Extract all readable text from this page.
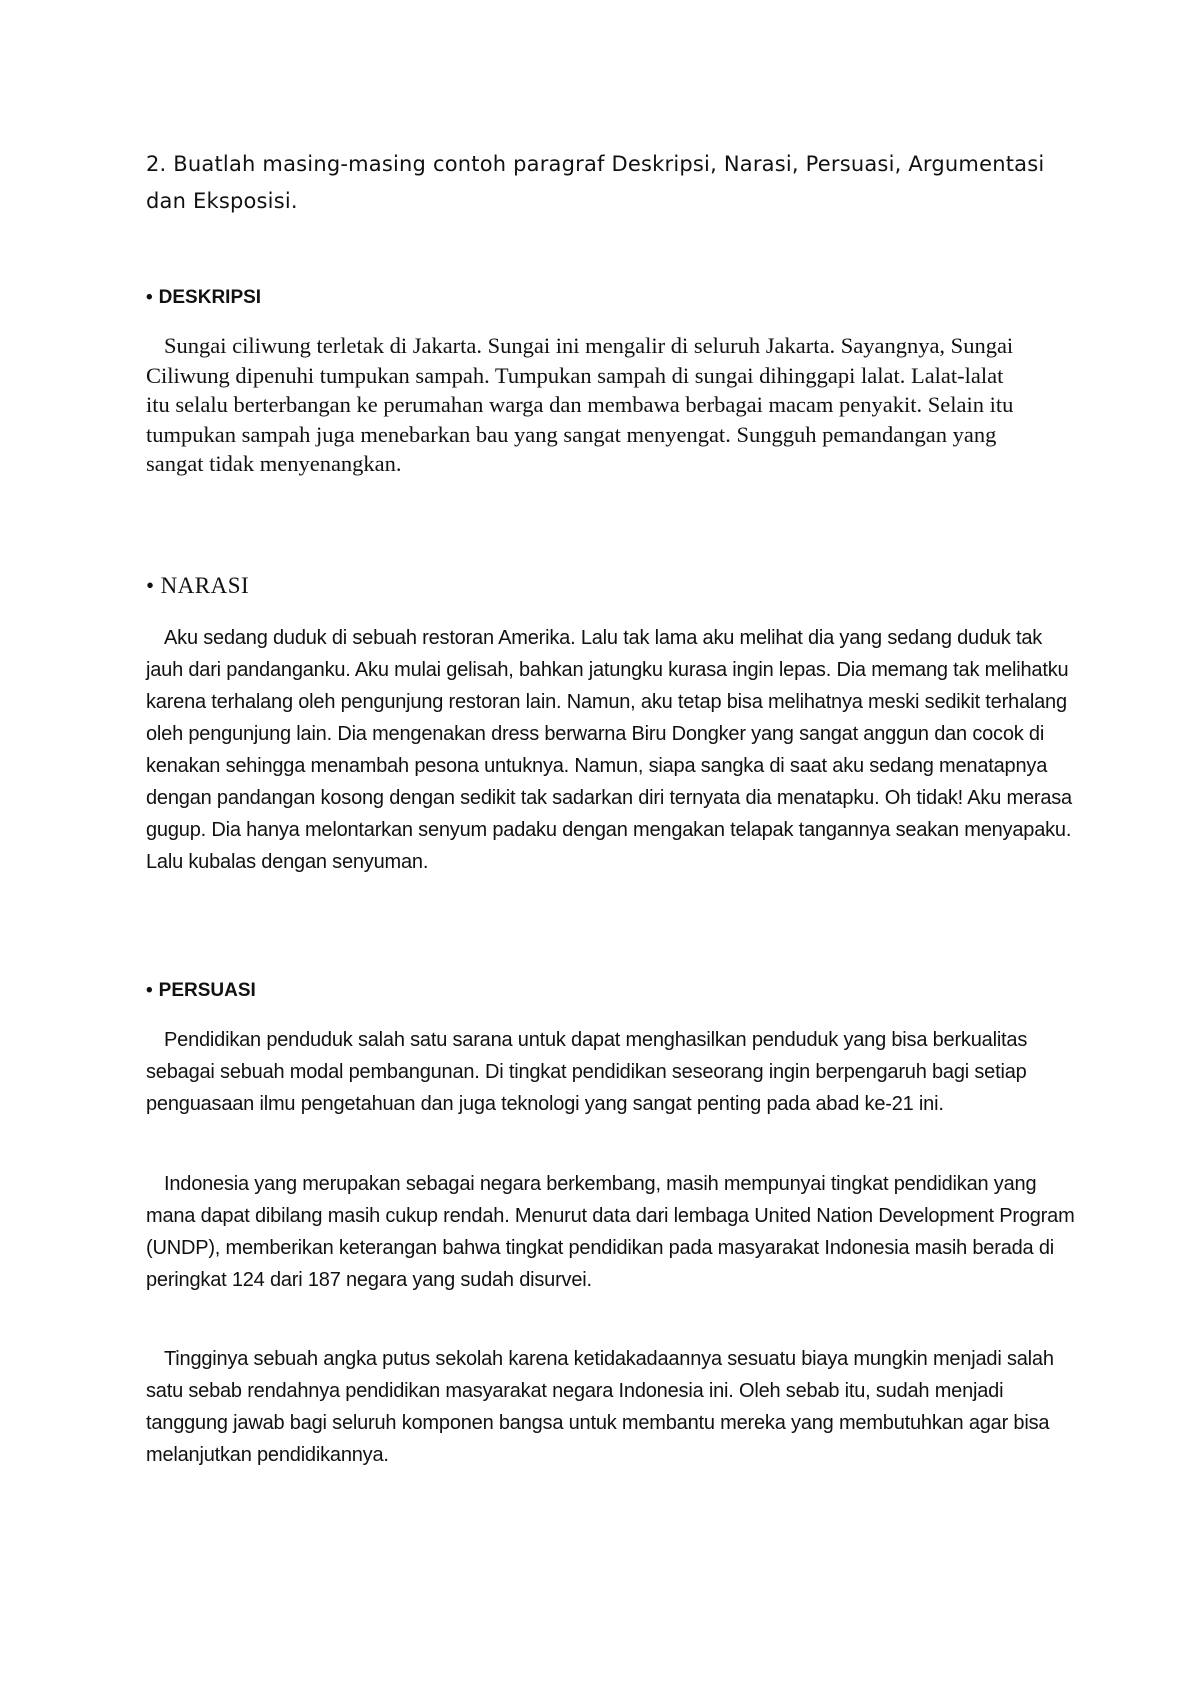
2. Buatlah masing-masing contoh paragraf Deskripsi, Narasi, Persuasi, Argumentasi dan Eksposisi.

• DESKRIPSI

Sungai ciliwung terletak di Jakarta. Sungai ini mengalir di seluruh Jakarta. Sayangnya, Sungai Ciliwung dipenuhi tumpukan sampah. Tumpukan sampah di sungai dihinggapi lalat. Lalat-lalat itu selalu berterbangan ke perumahan warga dan membawa berbagai macam penyakit. Selain itu tumpukan sampah juga menebarkan bau yang sangat menyengat. Sungguh pemandangan yang sangat tidak menyenangkan.

• NARASI

Aku sedang duduk di sebuah restoran Amerika. Lalu tak lama aku melihat dia yang sedang duduk tak jauh dari pandanganku. Aku mulai gelisah, bahkan jatungku kurasa ingin lepas. Dia memang tak melihatku karena terhalang oleh pengunjung restoran lain. Namun, aku tetap bisa melihatnya meski sedikit terhalang oleh pengunjung lain. Dia mengenakan dress berwarna Biru Dongker yang sangat anggun dan cocok di kenakan sehingga menambah pesona untuknya. Namun, siapa sangka di saat aku sedang menatapnya dengan pandangan kosong dengan sedikit tak sadarkan diri ternyata dia menatapku. Oh tidak! Aku merasa gugup. Dia hanya melontarkan senyum padaku dengan mengakan telapak tangannya seakan menyapaku. Lalu kubalas dengan senyuman.

• PERSUASI

Pendidikan penduduk salah satu sarana untuk dapat menghasilkan penduduk yang bisa berkualitas sebagai sebuah modal pembangunan. Di tingkat pendidikan seseorang ingin berpengaruh bagi setiap penguasaan ilmu pengetahuan dan juga teknologi yang sangat penting pada abad ke-21 ini.

Indonesia yang merupakan sebagai negara berkembang, masih mempunyai tingkat pendidikan yang mana dapat dibilang masih cukup rendah. Menurut data dari lembaga United Nation Development Program (UNDP), memberikan keterangan bahwa tingkat pendidikan pada masyarakat Indonesia masih berada di peringkat 124 dari 187 negara yang sudah disurvei.

Tingginya sebuah angka putus sekolah karena ketidakadaannya sesuatu biaya mungkin menjadi salah satu sebab rendahnya pendidikan masyarakat negara Indonesia ini. Oleh sebab itu, sudah menjadi tanggung jawab bagi seluruh komponen bangsa untuk membantu mereka yang membutuhkan agar bisa melanjutkan pendidikannya.
